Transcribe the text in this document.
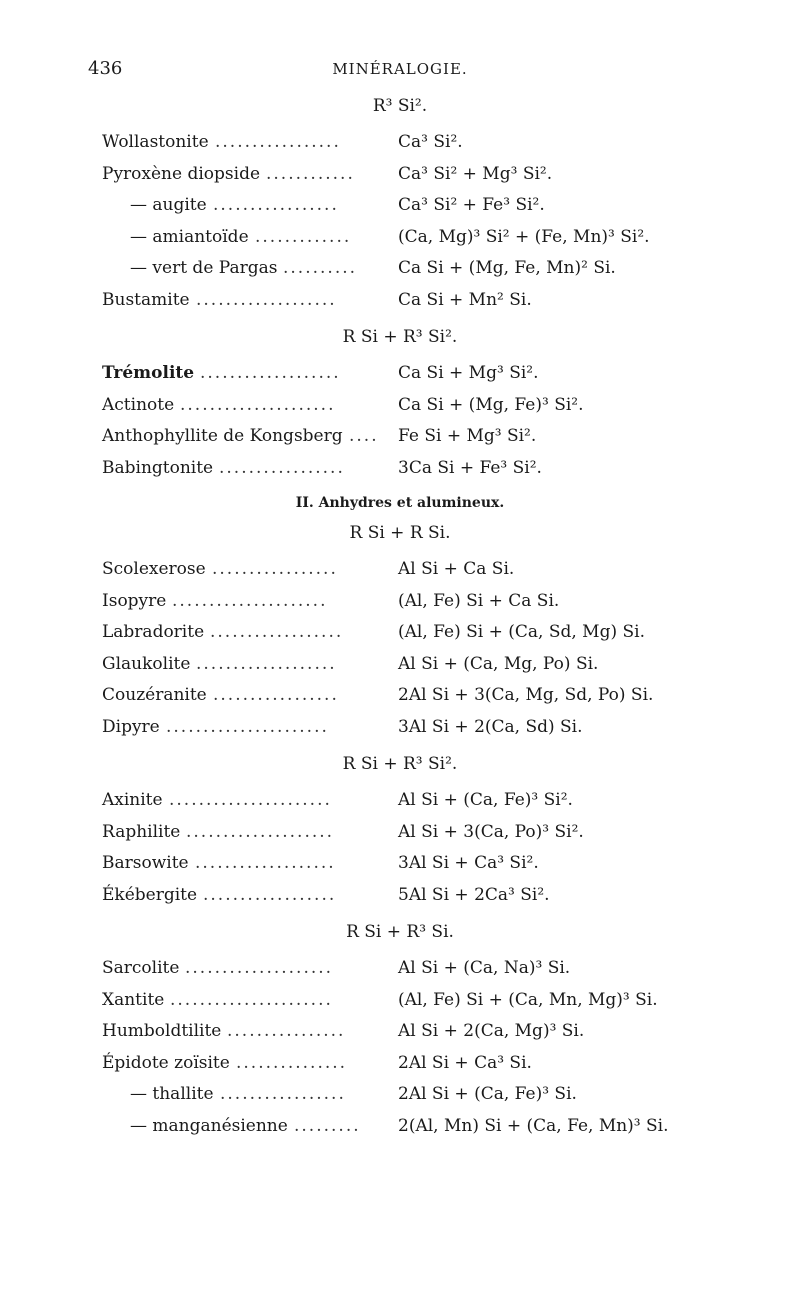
436	MINÉRALOGIE.
R³ Si².
Wollastonite .................	Ca³ Si².
Pyroxène diopside ............	Ca³ Si² + Mg³ Si².
— augite .................	Ca³ Si² + Fe³ Si².
— amiantoïde .............	(Ca, Mg)³ Si² + (Fe, Mn)³ Si².
— vert de Pargas .......... Ca Si + (Mg, Fe, Mn)² Si.
Bustamite ...................	Ca Si + Mn² Si.
R Si + R³ Si².
Trémolite ...................	Ca Si + Mg³ Si².
Actinote .....................	Ca Si + (Mg, Fe)³ Si².
Anthophyllite de Kongsberg .... Fe Si + Mg³ Si².
Babingtonite .................	3Ca Si + Fe³ Si².
II. Anhydres et alumineux.
R Si + R Si.
Scolexerose .................	Al Si + Ca Si.
Isopyre .....................	(Al, Fe) Si + Ca Si.
Labradorite ..................	(Al, Fe) Si + (Ca, Sd, Mg) Si.
Glaukolite ...................	Al Si + (Ca, Mg, Po) Si.
Couzéranite .................	2Al Si + 3(Ca, Mg, Sd, Po) Si.
Dipyre ......................	3Al Si + 2(Ca, Sd) Si.
R Si + R³ Si².
Axinite ......................	Al Si + (Ca, Fe)³ Si².
Raphilite ....................	Al Si + 3(Ca, Po)³ Si².
Barsowite ...................	3Al Si + Ca³ Si².
Ékébergite ..................	5Al Si + 2Ca³ Si².
R Si + R³ Si.
Sarcolite ....................	Al Si + (Ca, Na)³ Si.
Xantite ......................	(Al, Fe) Si + (Ca, Mn, Mg)³ Si.
Humboldtilite ................	Al Si + 2(Ca, Mg)³ Si.
Épidote zoïsite ...............	2Al Si + Ca³ Si.
— thallite .................	2Al Si + (Ca, Fe)³ Si.
— manganésienne ......... 2(Al, Mn) Si + (Ca, Fe, Mn)³ Si.
